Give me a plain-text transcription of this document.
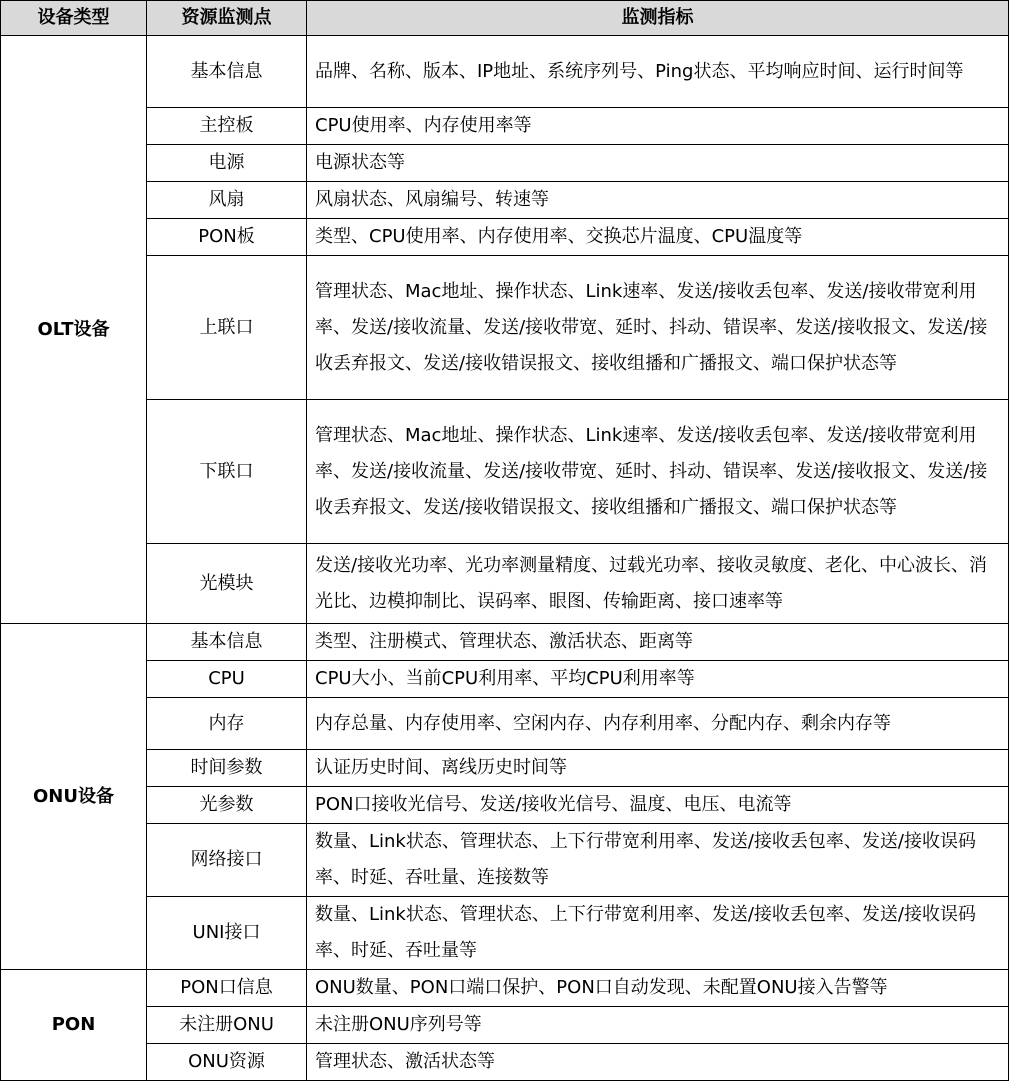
设备类型	资源监测点	监测指标
OLT设备	基本信息	品牌、名称、版本、IP地址、系统序列号、Ping状态、平均响应时间、运行时间等
	主控板	CPU使用率、内存使用率等
	电源	电源状态等
	风扇	风扇状态、风扇编号、转速等
	PON板	类型、CPU使用率、内存使用率、交换芯片温度、CPU温度等
	上联口	管理状态、Mac地址、操作状态、Link速率、发送/接收丢包率、发送/接收带宽利用率、发送/接收流量、发送/接收带宽、延时、抖动、错误率、发送/接收报文、发送/接收丢弃报文、发送/接收错误报文、接收组播和广播报文、端口保护状态等
	下联口	管理状态、Mac地址、操作状态、Link速率、发送/接收丢包率、发送/接收带宽利用率、发送/接收流量、发送/接收带宽、延时、抖动、错误率、发送/接收报文、发送/接收丢弃报文、发送/接收错误报文、接收组播和广播报文、端口保护状态等
	光模块	发送/接收光功率、光功率测量精度、过载光功率、接收灵敏度、老化、中心波长、消光比、边模抑制比、误码率、眼图、传输距离、接口速率等
ONU设备	基本信息	类型、注册模式、管理状态、激活状态、距离等
	CPU	CPU大小、当前CPU利用率、平均CPU利用率等
	内存	内存总量、内存使用率、空闲内存、内存利用率、分配内存、剩余内存等
	时间参数	认证历史时间、离线历史时间等
	光参数	PON口接收光信号、发送/接收光信号、温度、电压、电流等
	网络接口	数量、Link状态、管理状态、上下行带宽利用率、发送/接收丢包率、发送/接收误码率、时延、吞吐量、连接数等
	UNI接口	数量、Link状态、管理状态、上下行带宽利用率、发送/接收丢包率、发送/接收误码率、时延、吞吐量等
PON	PON口信息	ONU数量、PON口端口保护、PON口自动发现、未配置ONU接入告警等
	未注册ONU	未注册ONU序列号等
	ONU资源	管理状态、激活状态等
